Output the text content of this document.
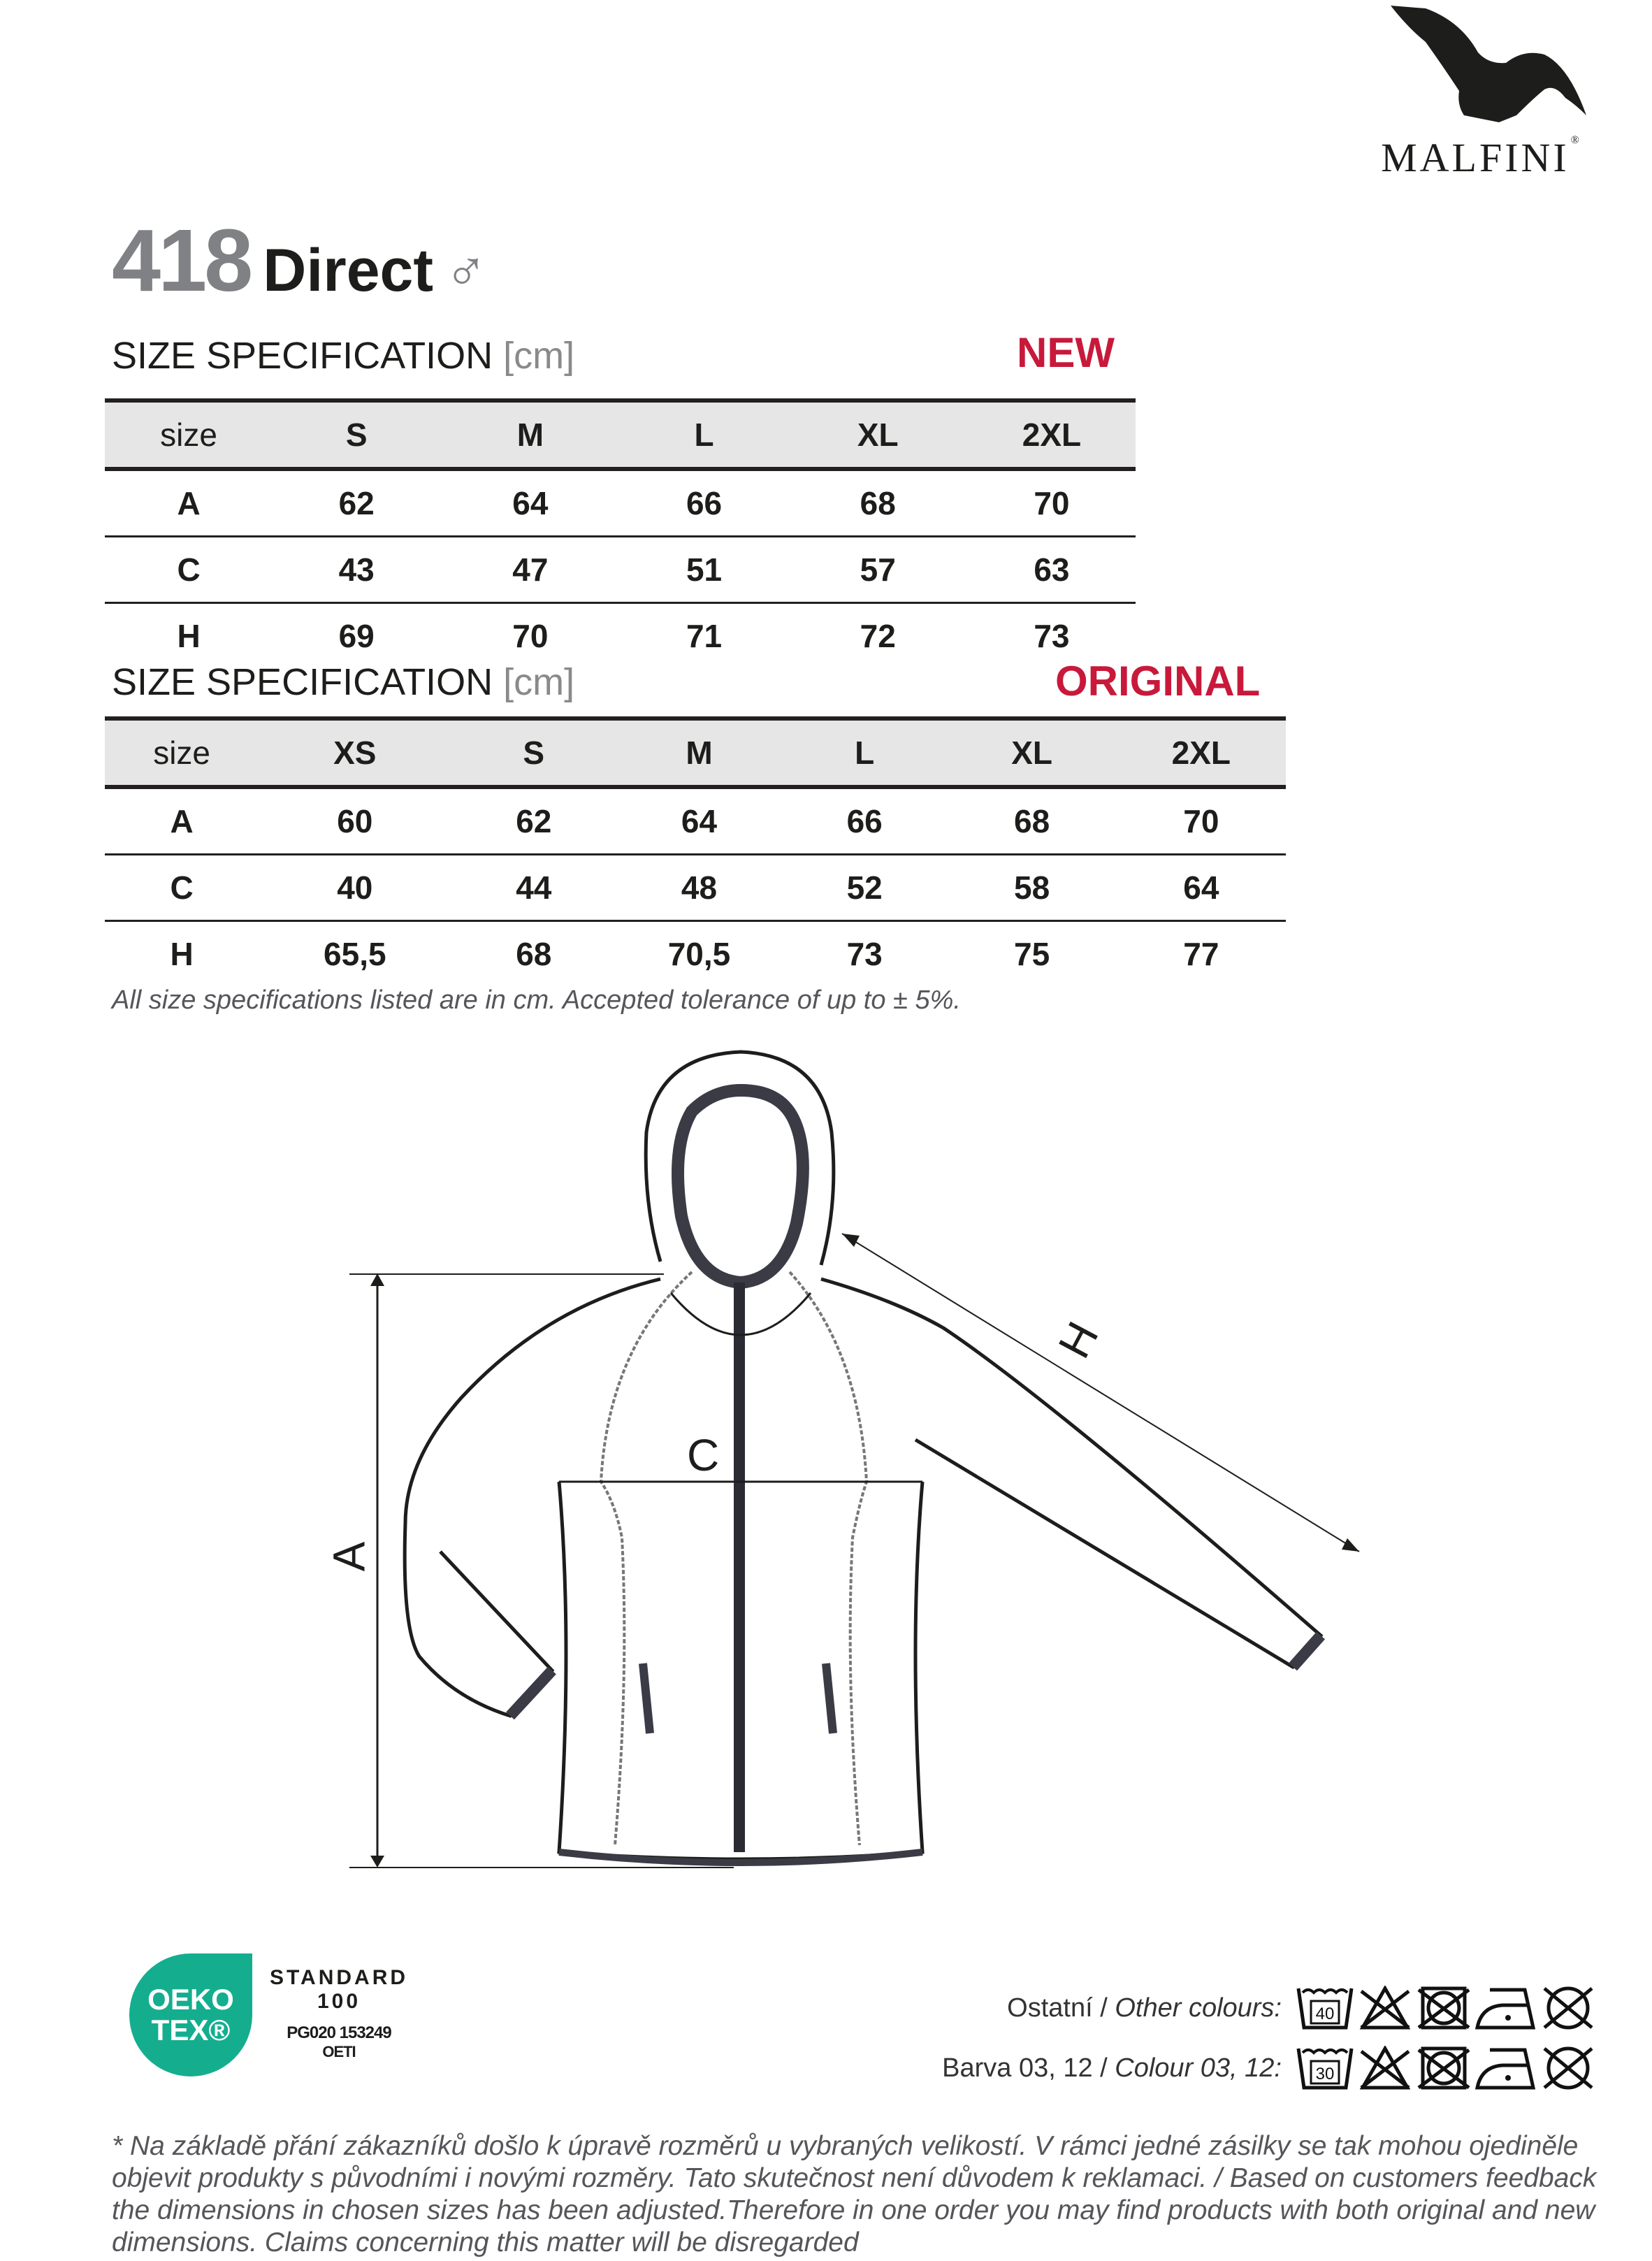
MALFINI ®
418 Direct ♂
SIZE SPECIFICATION [cm]	NEW
size	S	M	L	XL	2XL
A	62	64	66	68	70
C	43	47	51	57	63
H	69	70	71	72	73
SIZE SPECIFICATION [cm]	ORIGINAL
size	XS	S	M	L	XL	2XL
A	60	62	64	66	68	70
C	40	44	48	52	58	64
H	65,5	68	70,5	73	75	77
All size specifications listed are in cm. Accepted tolerance of up to ± 5%.
A
C
H
OEKO
TEX®
STANDARD
100
PG020 153249
OETI
Ostatní / Other colours: 40
Barva 03, 12 / Colour 03, 12: 30
* Na základě přání zákazníků došlo k úpravě rozměrů u vybraných velikostí. V rámci jedné zásilky se tak mohou ojediněle objevit produkty s původními i novými rozměry. Tato skutečnost není důvodem k reklamaci. / Based on customers feedback the dimensions in chosen sizes has been adjusted.Therefore in one order you may find products with both original and new dimensions. Claims concerning this matter will be disregarded
